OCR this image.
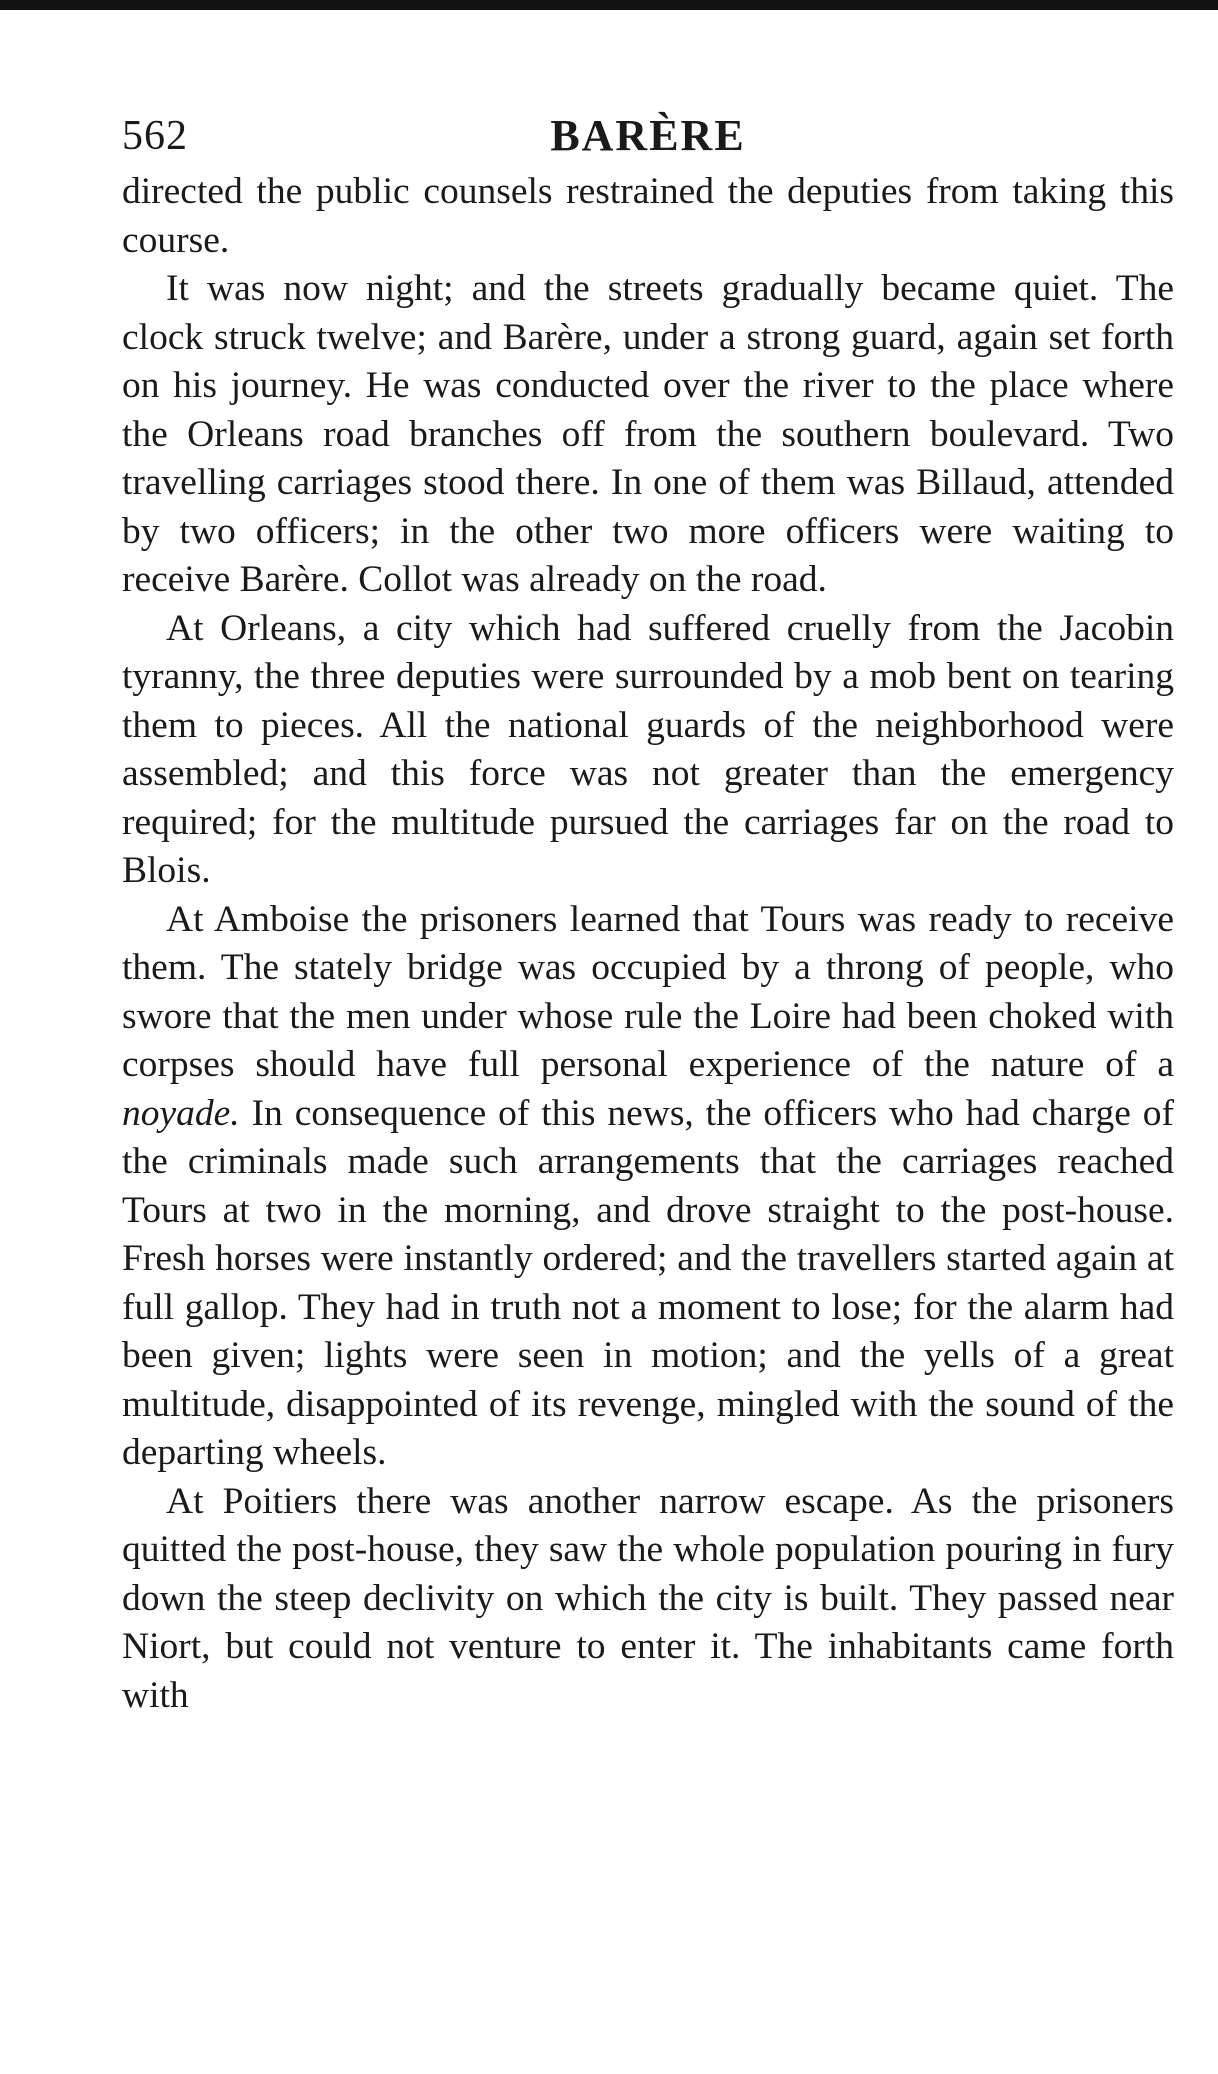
562	BARÈRE

directed the public counsels restrained the deputies from taking this course.

It was now night; and the streets gradually became quiet. The clock struck twelve; and Barère, under a strong guard, again set forth on his journey. He was conducted over the river to the place where the Orleans road branches off from the southern boulevard. Two travelling carriages stood there. In one of them was Billaud, attended by two officers; in the other two more officers were waiting to receive Barère. Collot was already on the road.

At Orleans, a city which had suffered cruelly from the Jacobin tyranny, the three deputies were surrounded by a mob bent on tearing them to pieces. All the national guards of the neighborhood were assembled; and this force was not greater than the emergency required; for the multitude pursued the carriages far on the road to Blois.

At Amboise the prisoners learned that Tours was ready to receive them. The stately bridge was occupied by a throng of people, who swore that the men under whose rule the Loire had been choked with corpses should have full personal experience of the nature of a noyade. In consequence of this news, the officers who had charge of the criminals made such arrangements that the carriages reached Tours at two in the morning, and drove straight to the post-house. Fresh horses were instantly ordered; and the travellers started again at full gallop. They had in truth not a moment to lose; for the alarm had been given; lights were seen in motion; and the yells of a great multitude, disappointed of its revenge, mingled with the sound of the departing wheels.

At Poitiers there was another narrow escape. As the prisoners quitted the post-house, they saw the whole population pouring in fury down the steep declivity on which the city is built. They passed near Niort, but could not venture to enter it. The inhabitants came forth with
